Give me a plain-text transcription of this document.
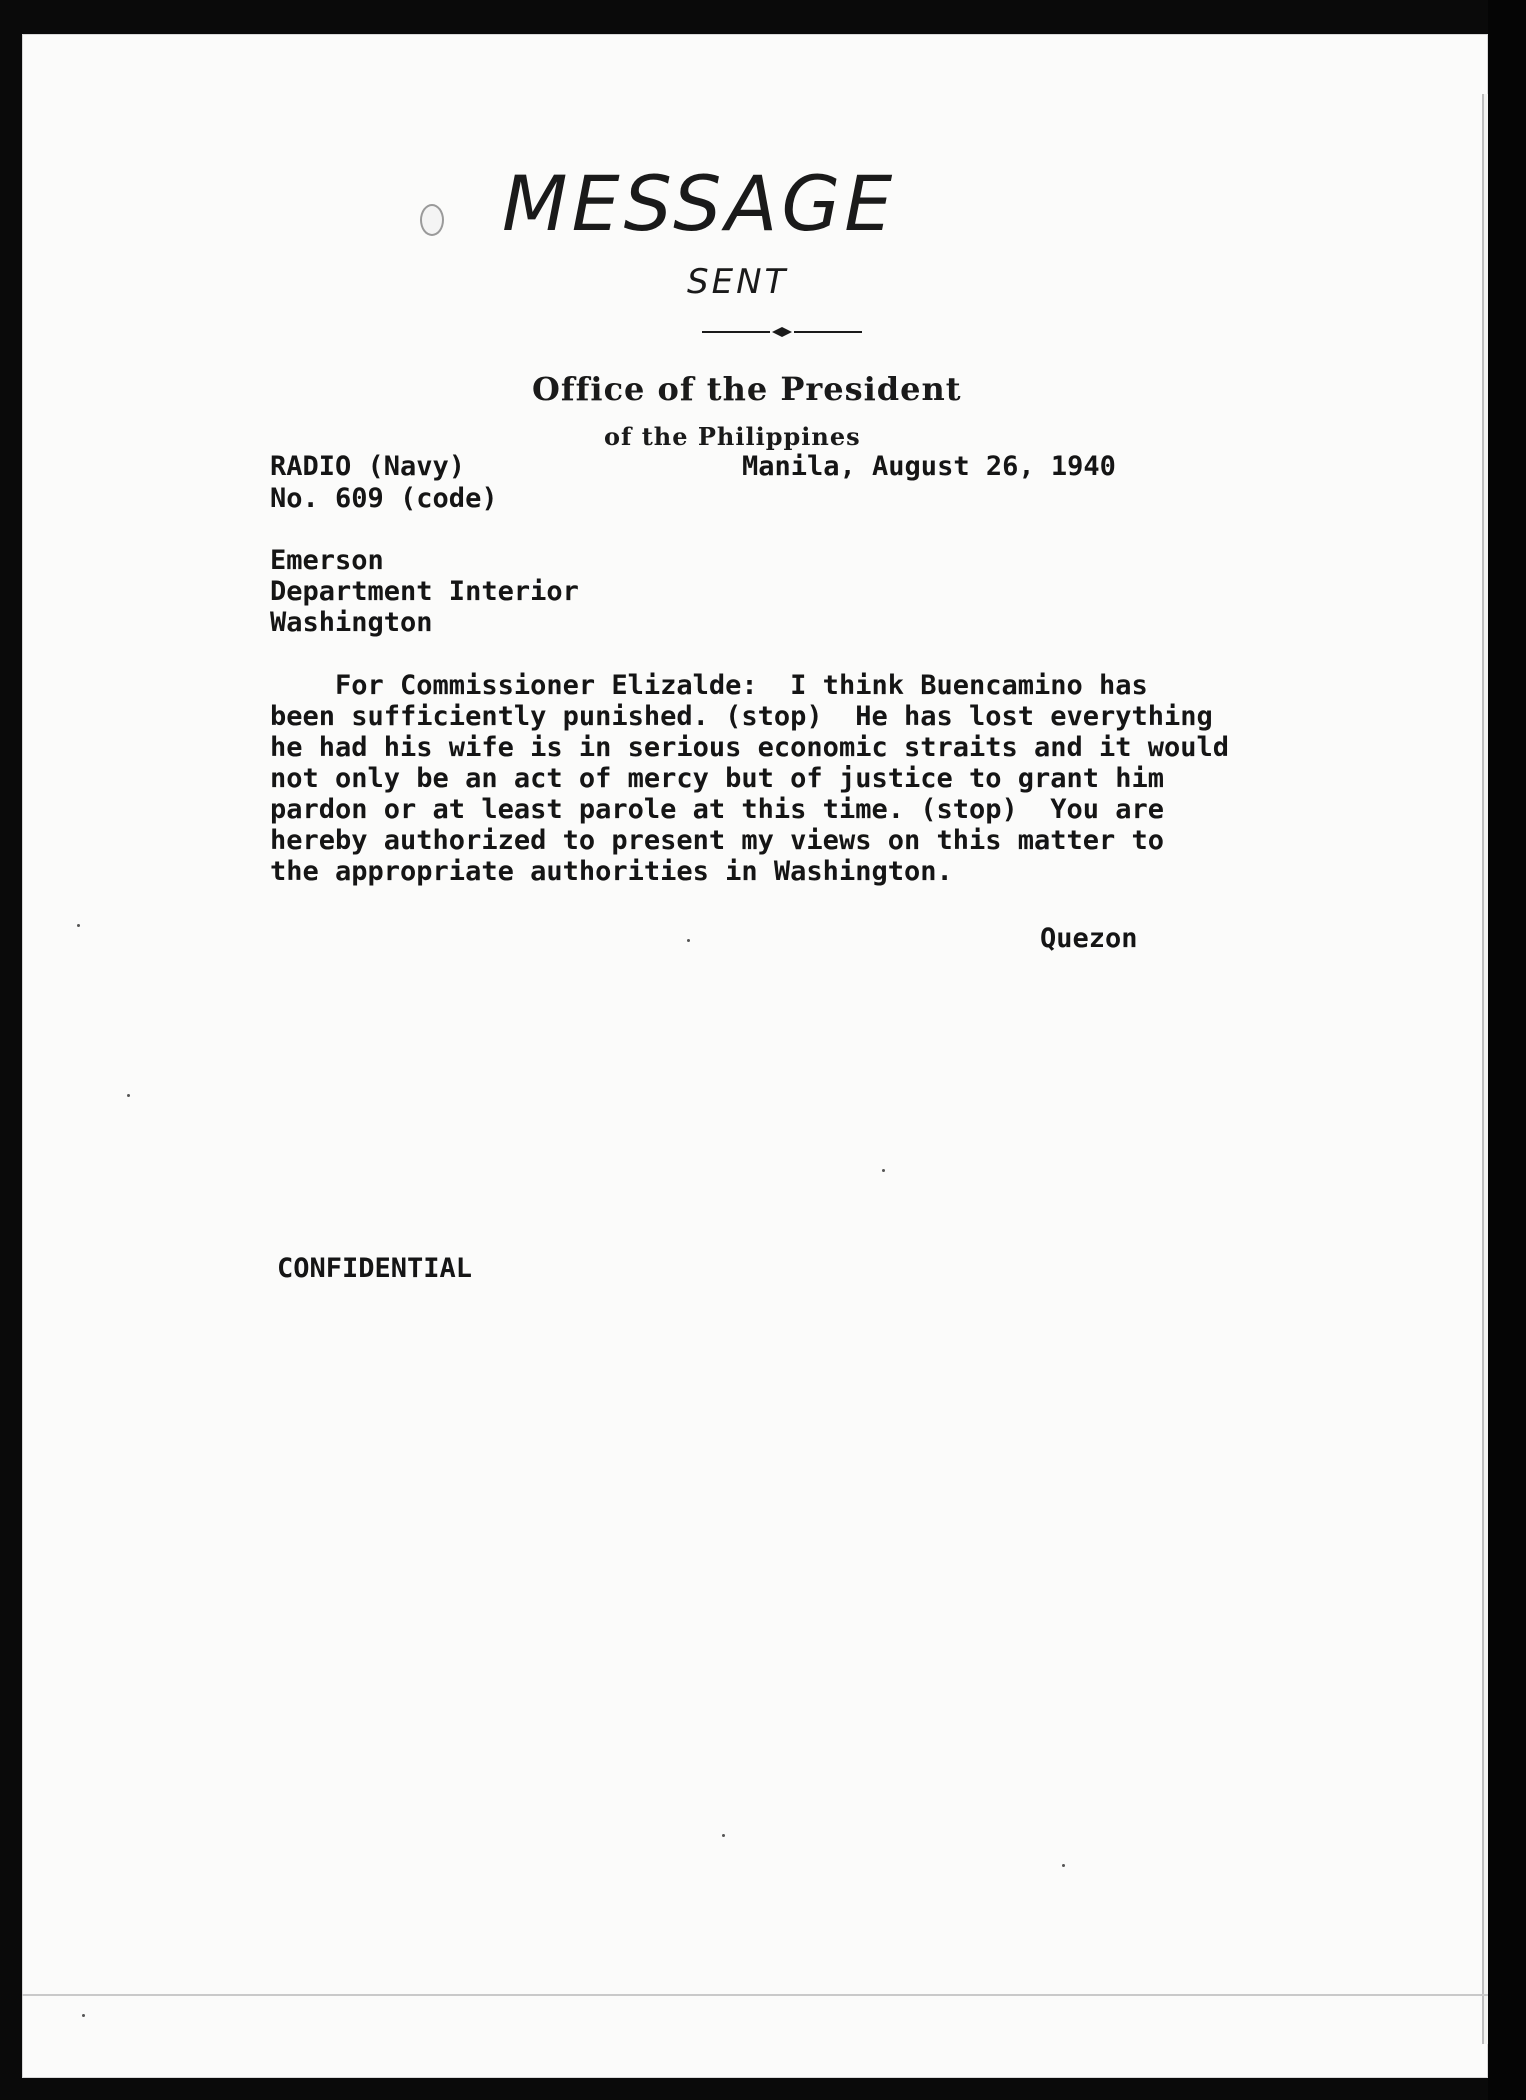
MESSAGE
SENT
Office of the President
of the Philippines
RADIO (Navy)
No. 609 (code)
Manila, August 26, 1940
Emerson
Department Interior
Washington
For Commissioner Elizalde:  I think Buencamino has
been sufficiently punished. (stop)  He has lost everything
he had his wife is in serious economic straits and it would
not only be an act of mercy but of justice to grant him
pardon or at least parole at this time. (stop)  You are
hereby authorized to present my views on this matter to
the appropriate authorities in Washington.
Quezon
CONFIDENTIAL
